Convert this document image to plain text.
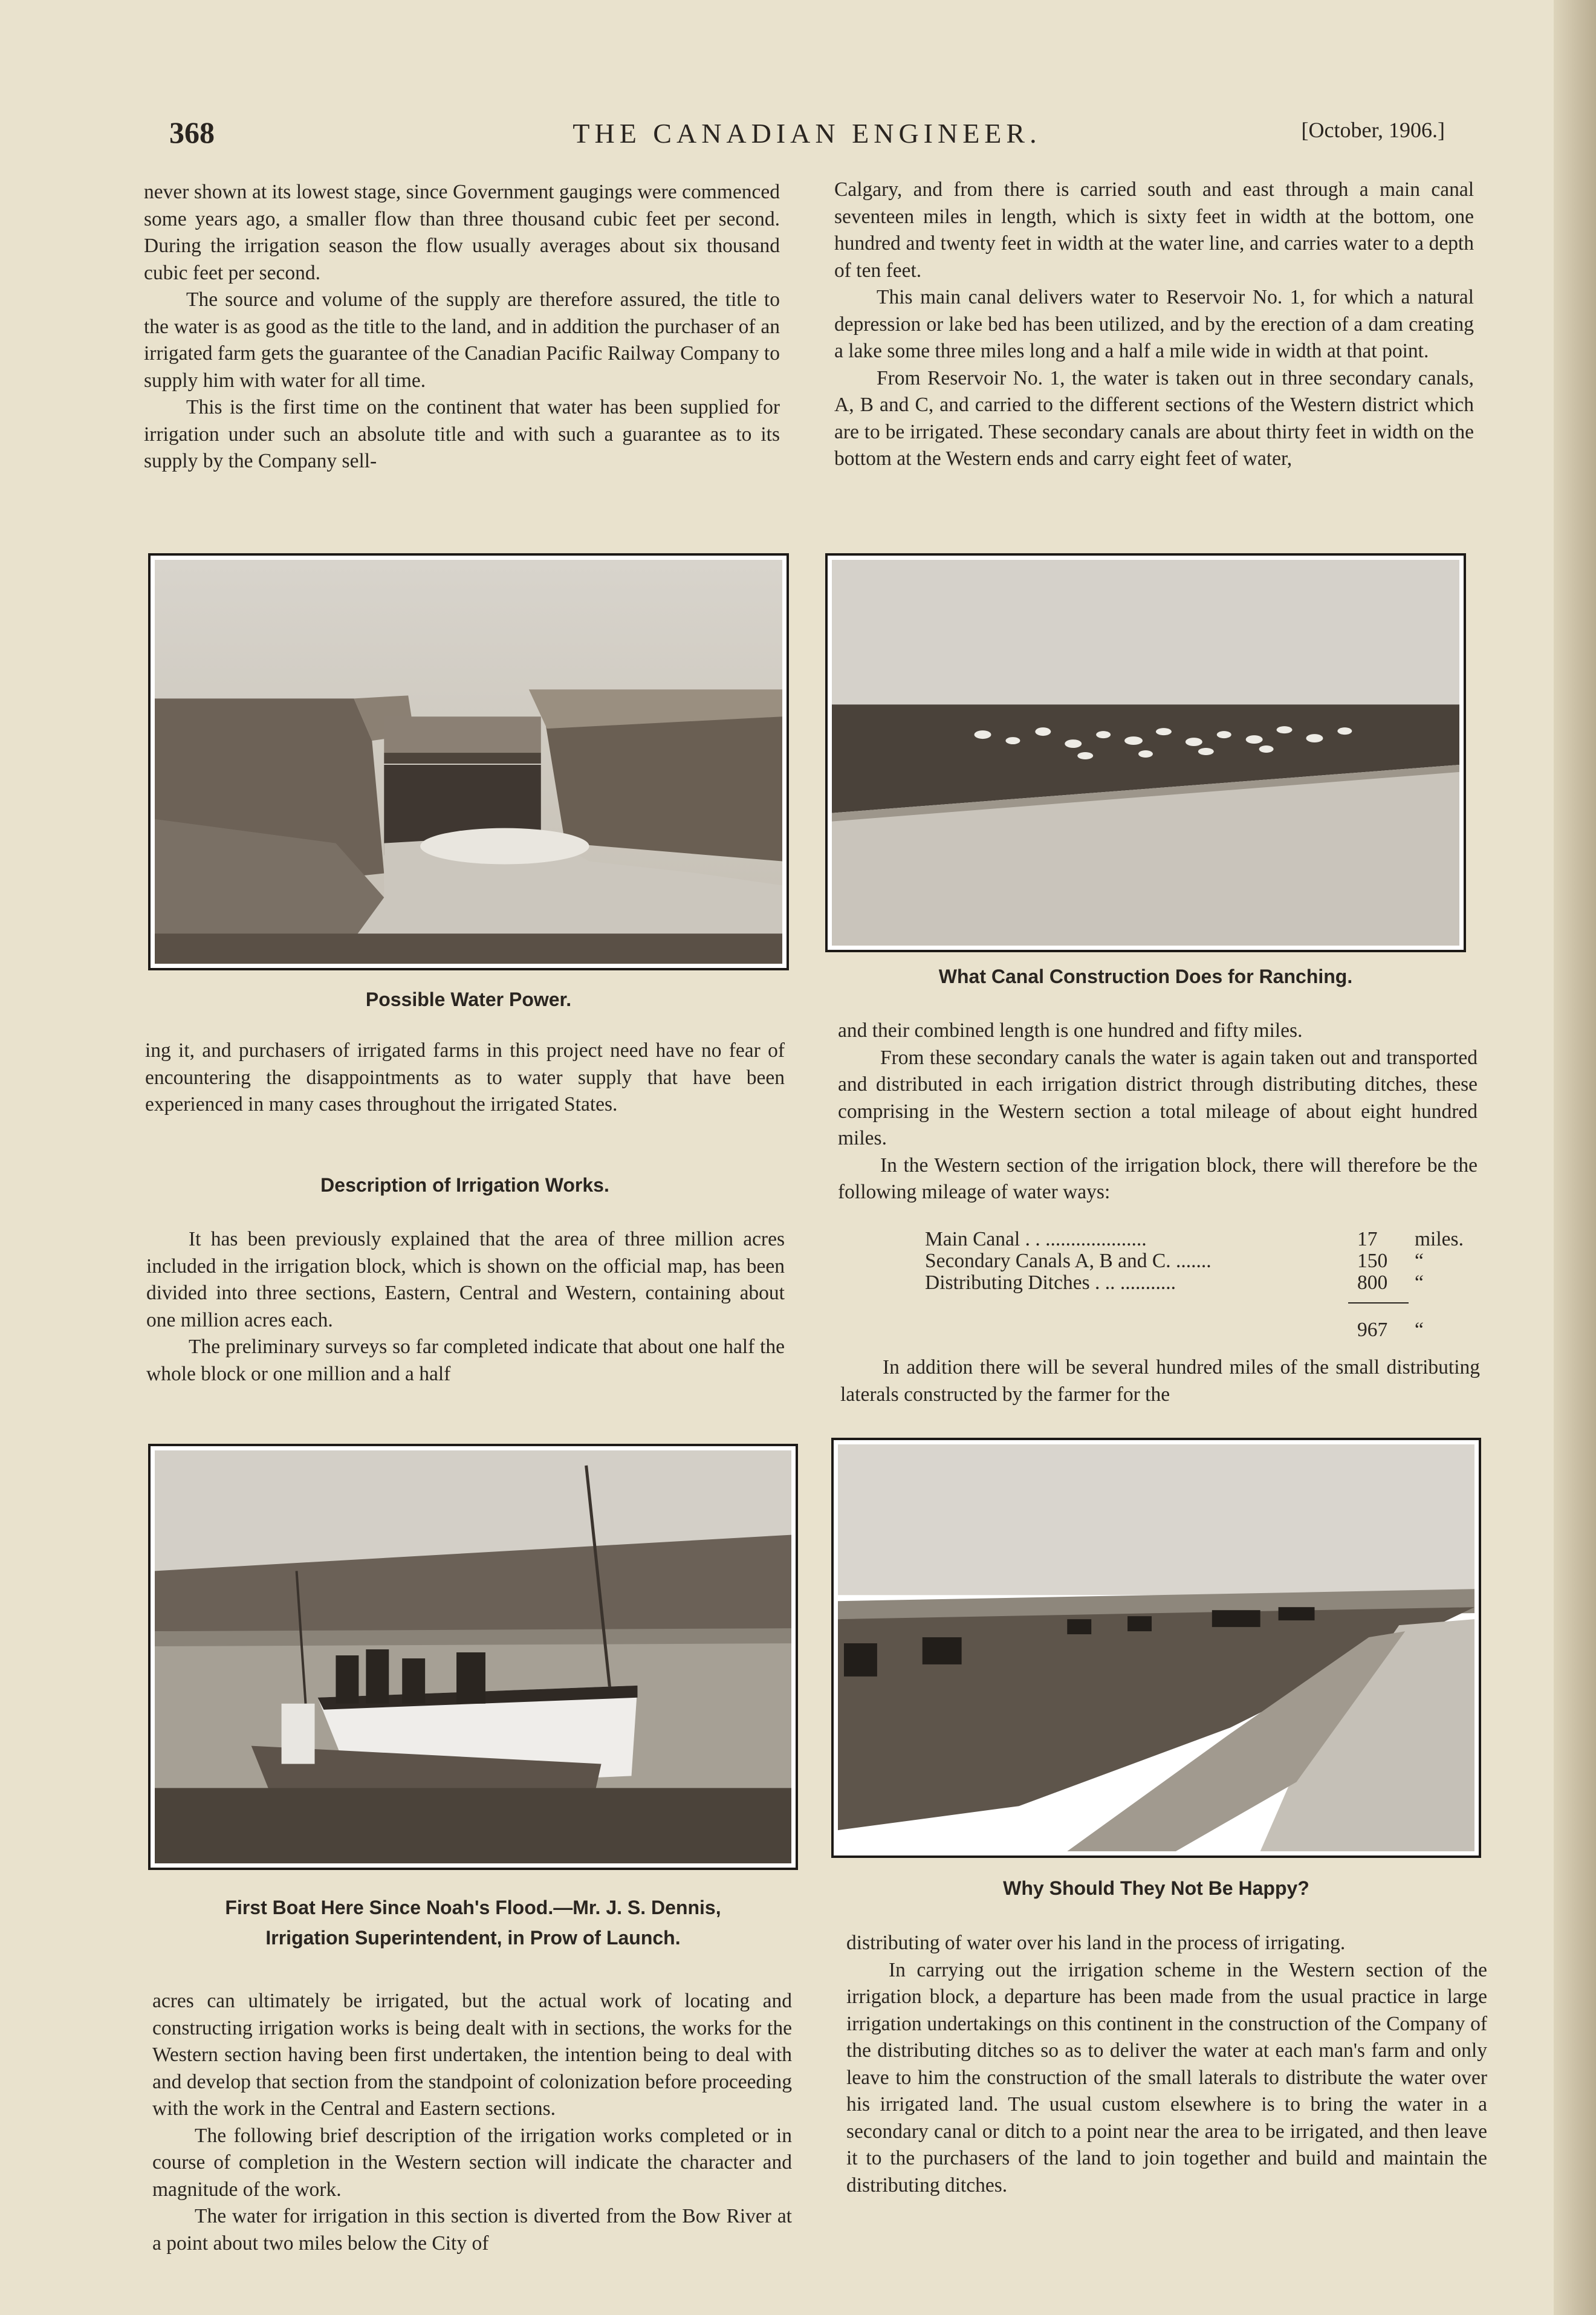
368	THE CANADIAN ENGINEER.	[October, 1906.]

never shown at its lowest stage, since Government gaugings were commenced some years ago, a smaller flow than three thousand cubic feet per second. During the irrigation season the flow usually averages about six thousand cubic feet per second.

The source and volume of the supply are therefore assured, the title to the water is as good as the title to the land, and in addition the purchaser of an irrigated farm gets the guarantee of the Canadian Pacific Railway Company to supply him with water for all time.

This is the first time on the continent that water has been supplied for irrigation under such an absolute title and with such a guarantee as to its supply by the Company sell-

Calgary, and from there is carried south and east through a main canal seventeen miles in length, which is sixty feet in width at the bottom, one hundred and twenty feet in width at the water line, and carries water to a depth of ten feet.

This main canal delivers water to Reservoir No. 1, for which a natural depression or lake bed has been utilized, and by the erection of a dam creating a lake some three miles long and a half a mile wide in width at that point.

From Reservoir No. 1, the water is taken out in three secondary canals, A, B and C, and carried to the different sections of the Western district which are to be irrigated. These secondary canals are about thirty feet in width on the bottom at the Western ends and carry eight feet of water,

Possible Water Power.
What Canal Construction Does for Ranching.

ing it, and purchasers of irrigated farms in this project need have no fear of encountering the disappointments as to water supply that have been experienced in many cases throughout the irrigated States.

Description of Irrigation Works.

It has been previously explained that the area of three million acres included in the irrigation block, which is shown on the official map, has been divided into three sections, Eastern, Central and Western, containing about one million acres each.

The preliminary surveys so far completed indicate that about one half the whole block or one million and a half

and their combined length is one hundred and fifty miles.

From these secondary canals the water is again taken out and transported and distributed in each irrigation district through distributing ditches, these comprising in the Western section a total mileage of about eight hundred miles.

In the Western section of the irrigation block, there will therefore be the following mileage of water ways:

Main Canal . . ....................	17 miles.
Secondary Canals A, B and C. .......	150 “
Distributing Ditches . .. ...........	800 “
967 “

In addition there will be several hundred miles of the small distributing laterals constructed by the farmer for the

First Boat Here Since Noah's Flood.—Mr. J. S. Dennis,
Irrigation Superintendent, in Prow of Launch.
Why Should They Not Be Happy?

acres can ultimately be irrigated, but the actual work of locating and constructing irrigation works is being dealt with in sections, the works for the Western section having been first undertaken, the intention being to deal with and develop that section from the standpoint of colonization before proceeding with the work in the Central and Eastern sections.

The following brief description of the irrigation works completed or in course of completion in the Western section will indicate the character and magnitude of the work.

The water for irrigation in this section is diverted from the Bow River at a point about two miles below the City of

distributing of water over his land in the process of irrigating.

In carrying out the irrigation scheme in the Western section of the irrigation block, a departure has been made from the usual practice in large irrigation undertakings on this continent in the construction of the Company of the distributing ditches so as to deliver the water at each man's farm and only leave to him the construction of the small laterals to distribute the water over his irrigated land. The usual custom elsewhere is to bring the water in a secondary canal or ditch to a point near the area to be irrigated, and then leave it to the purchasers of the land to join together and build and maintain the distributing ditches.
